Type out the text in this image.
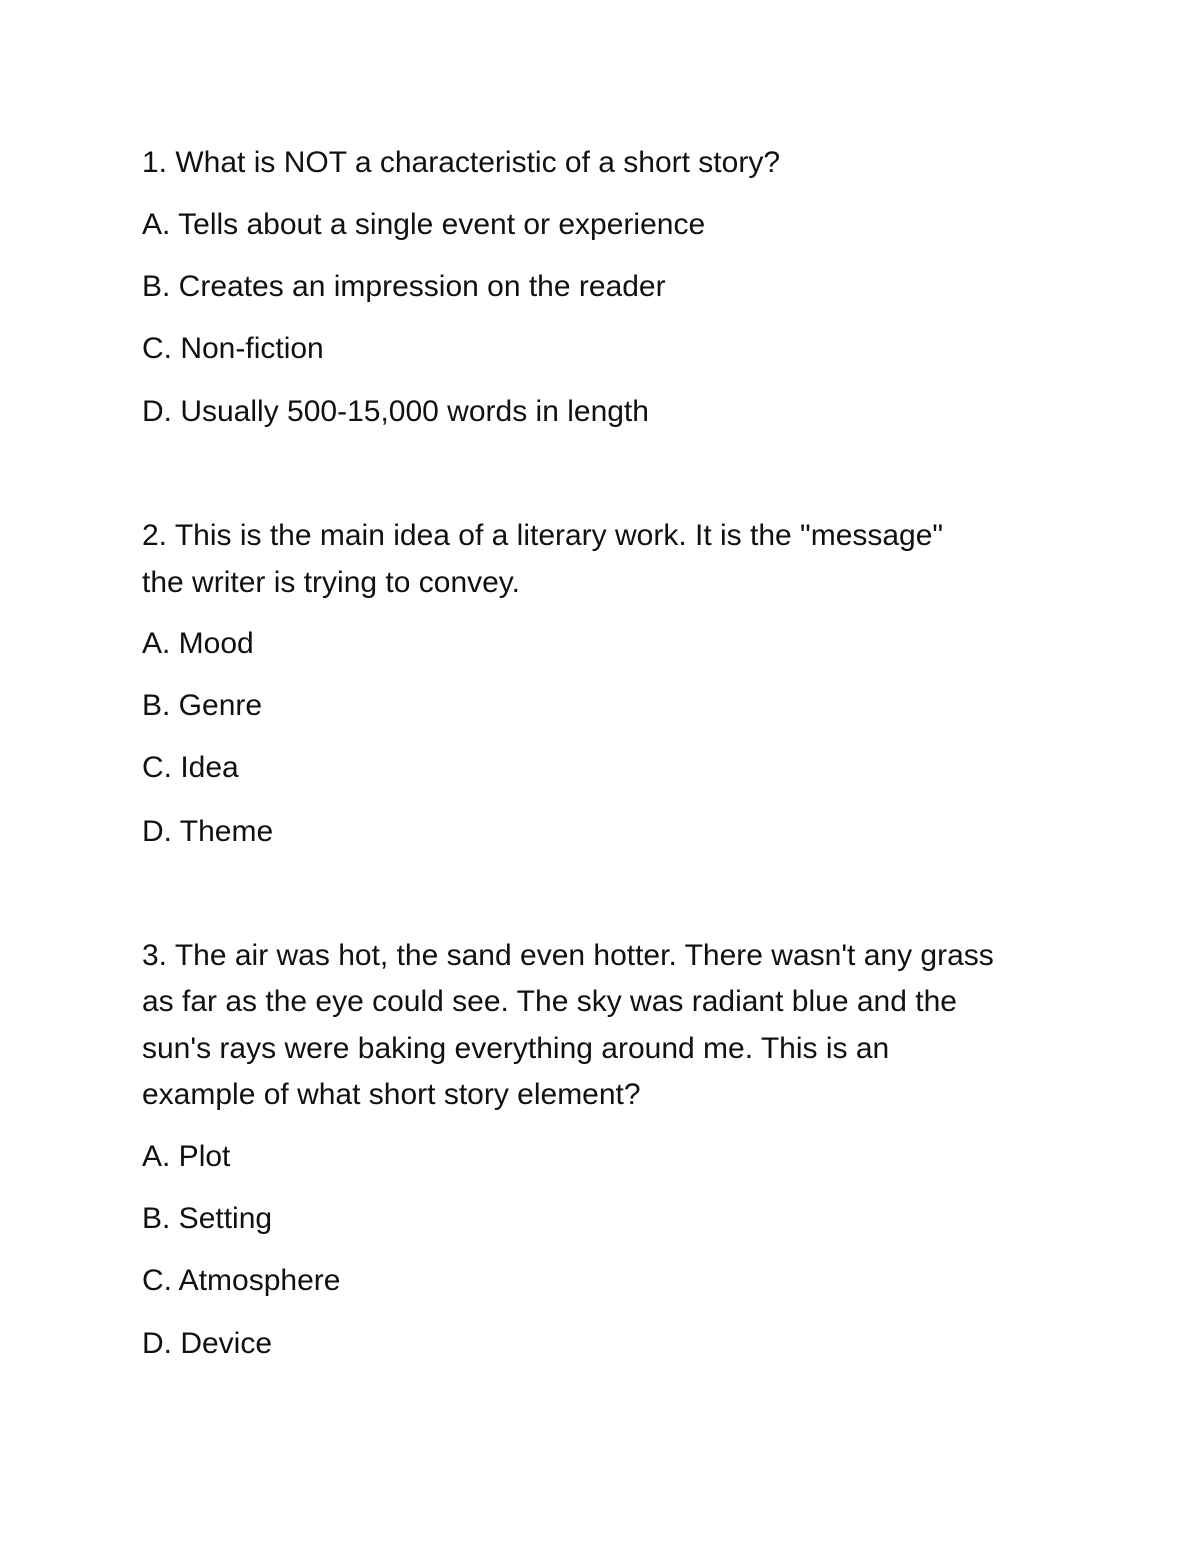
1. What is NOT a characteristic of a short story?
A. Tells about a single event or experience
B. Creates an impression on the reader
C. Non-fiction
D. Usually 500-15,000 words in length
2. This is the main idea of a literary work. It is the "message"
the writer is trying to convey.
A. Mood
B. Genre
C. Idea
D. Theme
3. The air was hot, the sand even hotter. There wasn't any grass
as far as the eye could see. The sky was radiant blue and the
sun's rays were baking everything around me. This is an
example of what short story element?
A. Plot
B. Setting
C. Atmosphere
D. Device
